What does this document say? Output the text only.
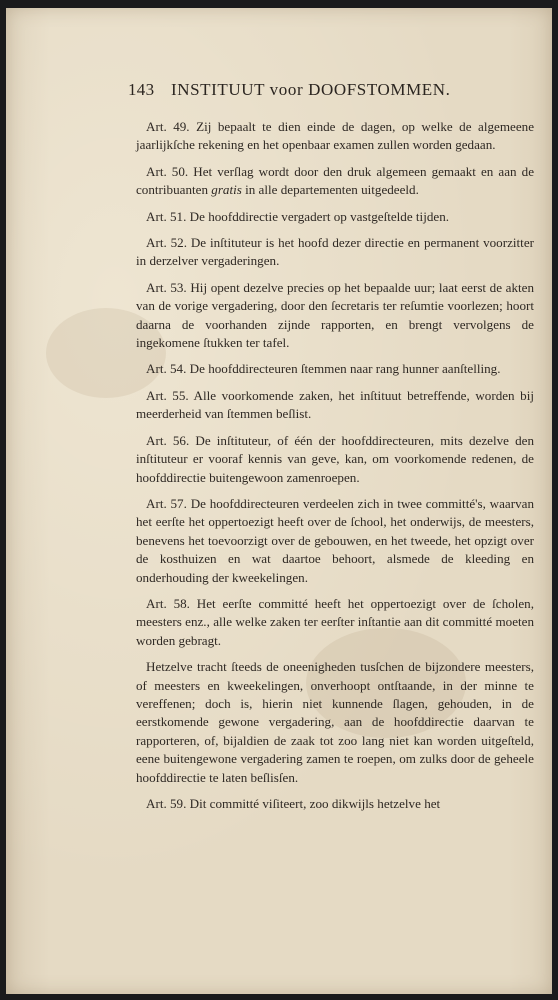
143 INSTITUUT voor DOOFSTOMMEN.

Art. 49. Zij bepaalt te dien einde de dagen, op welke de algemeene jaarlijkſche rekening en het openbaar examen zullen worden gedaan.

Art. 50. Het verſlag wordt door den druk algemeen gemaakt en aan de contribuanten gratis in alle departementen uitgedeeld.

Art. 51. De hoofddirectie vergadert op vastgeſtelde tijden.

Art. 52. De inſtituteur is het hoofd dezer directie en permanent voorzitter in derzelver vergaderingen.

Art. 53. Hij opent dezelve precies op het bepaalde uur; laat eerst de akten van de vorige vergadering, door den ſecretaris ter reſumtie voorlezen; hoort daarna de voorhanden zijnde rapporten, en brengt vervolgens de ingekomene ſtukken ter tafel.

Art. 54. De hoofddirecteuren ſtemmen naar rang hunner aanſtelling.

Art. 55. Alle voorkomende zaken, het inſtituut betreffende, worden bij meerderheid van ſtemmen beſlist.

Art. 56. De inſtituteur, of één der hoofddirecteuren, mits dezelve den inſtituteur er vooraf kennis van geve, kan, om voorkomende redenen, de hoofddirectie buitengewoon zamenroepen.

Art. 57. De hoofddirecteuren verdeelen zich in twee committé's, waarvan het eerſte het oppertoezigt heeft over de ſchool, het onderwijs, de meesters, benevens het toevoorzigt over de gebouwen, en het tweede, het opzigt over de kosthuizen en wat daartoe behoort, alsmede de kleeding en onderhouding der kweekelingen.

Art. 58. Het eerſte committé heeft het oppertoezigt over de ſcholen, meesters enz., alle welke zaken ter eerſter inſtantie aan dit committé moeten worden gebragt.

Hetzelve tracht ſteeds de oneenigheden tusſchen de bijzondere meesters, of meesters en kweekelingen, onverhoopt ontſtaande, in der minne te vereffenen; doch is, hierin niet kunnende ſlagen, gehouden, in de eerstkomende gewone vergadering, aan de hoofddirectie daarvan te rapporteren, of, bijaldien de zaak tot zoo lang niet kan worden uitgeſteld, eene buitengewone vergadering zamen te roepen, om zulks door de geheele hoofddirectie te laten beſlisſen.

Art. 59. Dit committé viſiteert, zoo dikwijls hetzelve het
